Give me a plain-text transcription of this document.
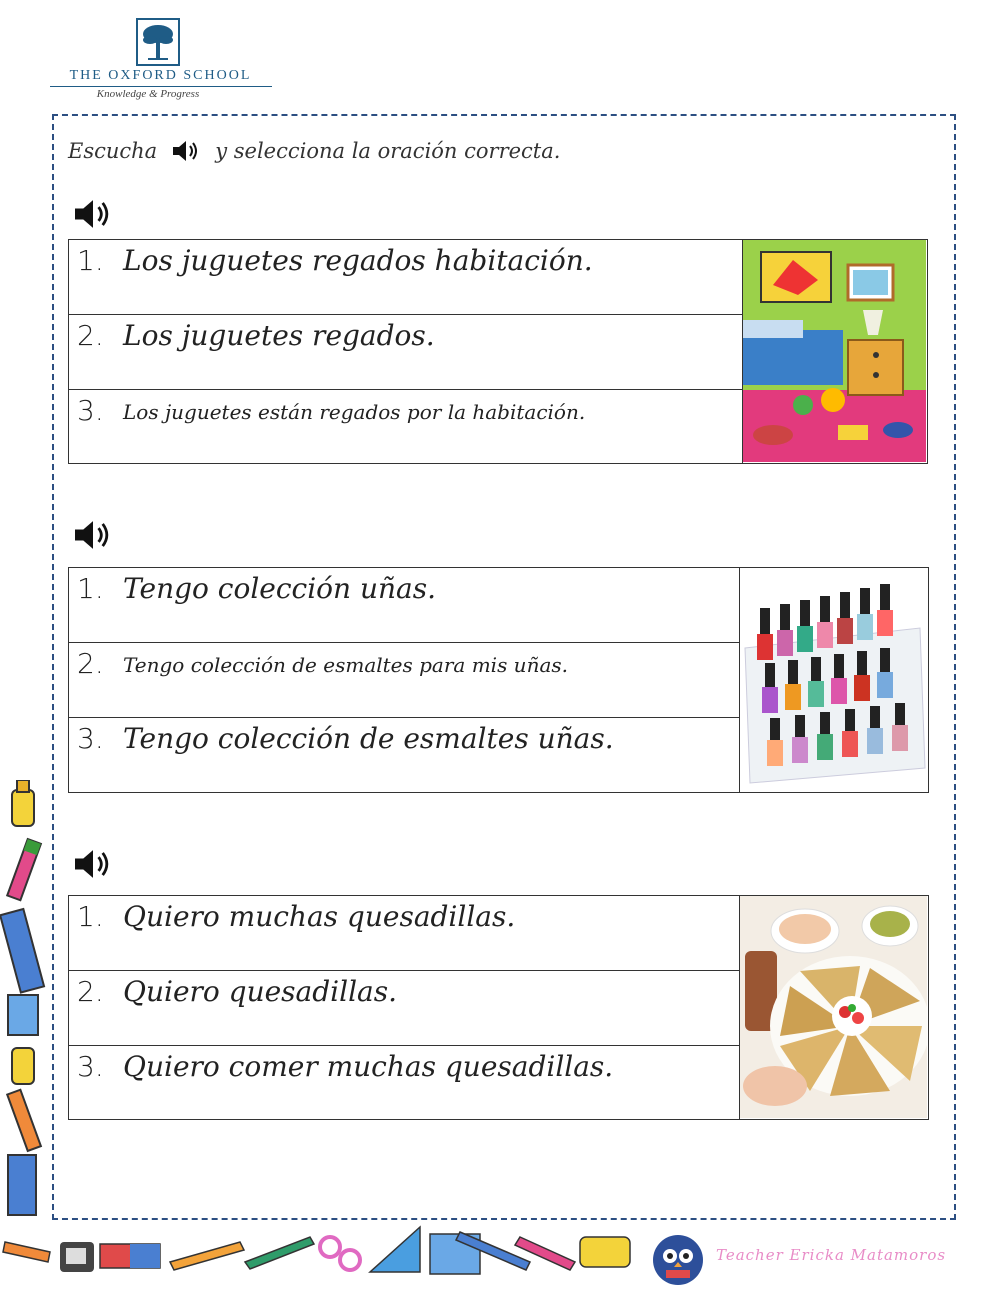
THE OXFORD SCHOOL
Knowledge & Progress
Escucha	y selecciona la oración correcta.
1. Los juguetes regados habitación.
2. Los juguetes regados.
3. Los juguetes están regados por la habitación.
1. Tengo colección uñas.
2. Tengo colección de esmaltes para mis uñas.
3. Tengo colección de esmaltes uñas.
1. Quiero muchas quesadillas.
2. Quiero quesadillas.
3. Quiero comer muchas quesadillas.
Teacher Ericka Matamoros
